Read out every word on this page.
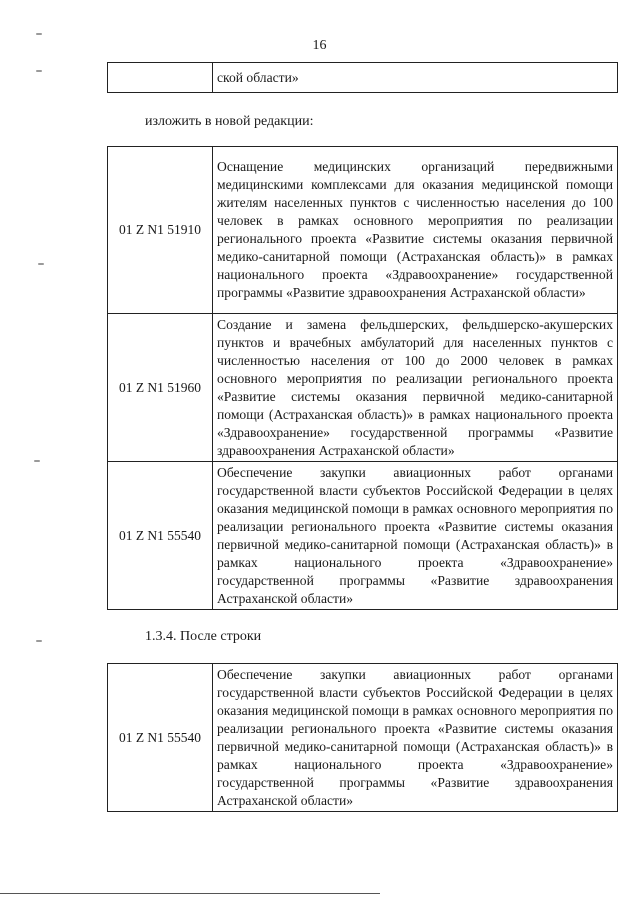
16
	ской области»
изложить в новой редакции:
01 Z N1 51910	Оснащение медицинских организаций передвижными медицинскими комплексами для оказания медицинской помощи жителям населенных пунктов с численностью населения до 100 человек в рамках основного мероприятия по реализации регионального проекта «Развитие системы оказания первичной медико-санитарной помощи (Астраханская область)» в рамках национального проекта «Здравоохранение» государственной программы «Развитие здравоохранения Астраханской области»
01 Z N1 51960	Создание и замена фельдшерских, фельдшерско-акушерских пунктов и врачебных амбулаторий для населенных пунктов с численностью населения от 100 до 2000 человек в рамках основного мероприятия по реализации регионального проекта «Развитие системы оказания первичной медико-санитарной помощи (Астраханская область)» в рамках национального проекта «Здравоохранение» государственной программы «Развитие здравоохранения Астраханской области»
01 Z N1 55540	Обеспечение закупки авиационных работ органами государственной власти субъектов Российской Федерации в целях оказания медицинской помощи в рамках основного мероприятия по реализации регионального проекта «Развитие системы оказания первичной медико-санитарной помощи (Астраханская область)» в рамках национального проекта «Здравоохранение» государственной программы «Развитие здравоохранения Астраханской области»
1.3.4. После строки
01 Z N1 55540	Обеспечение закупки авиационных работ органами государственной власти субъектов Российской Федерации в целях оказания медицинской помощи в рамках основного мероприятия по реализации регионального проекта «Развитие системы оказания первичной медико-санитарной помощи (Астраханская область)» в рамках национального проекта «Здравоохранение» государственной программы «Развитие здравоохранения Астраханской области»
